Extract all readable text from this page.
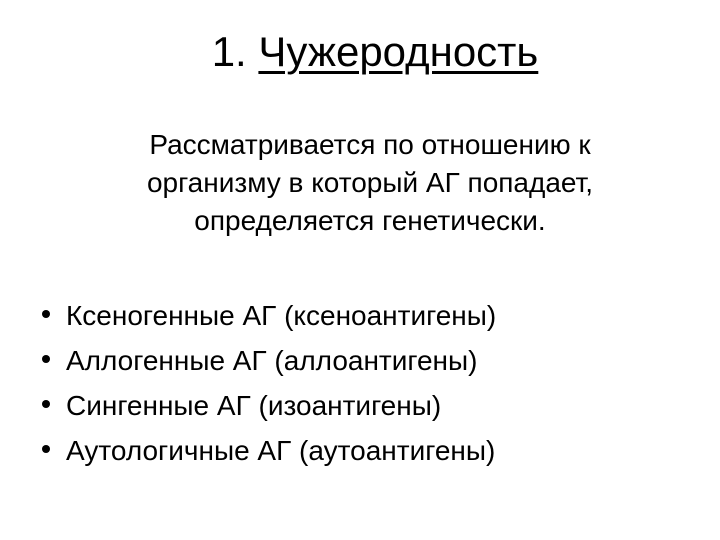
1. Чужеродность
Рассматривается по отношению к
организму в который АГ попадает,
определяется генетически.
Ксеногенные АГ (ксеноантигены)
Аллогенные АГ (аллоантигены)
Сингенные АГ (изоантигены)
Аутологичные АГ (аутоантигены)
